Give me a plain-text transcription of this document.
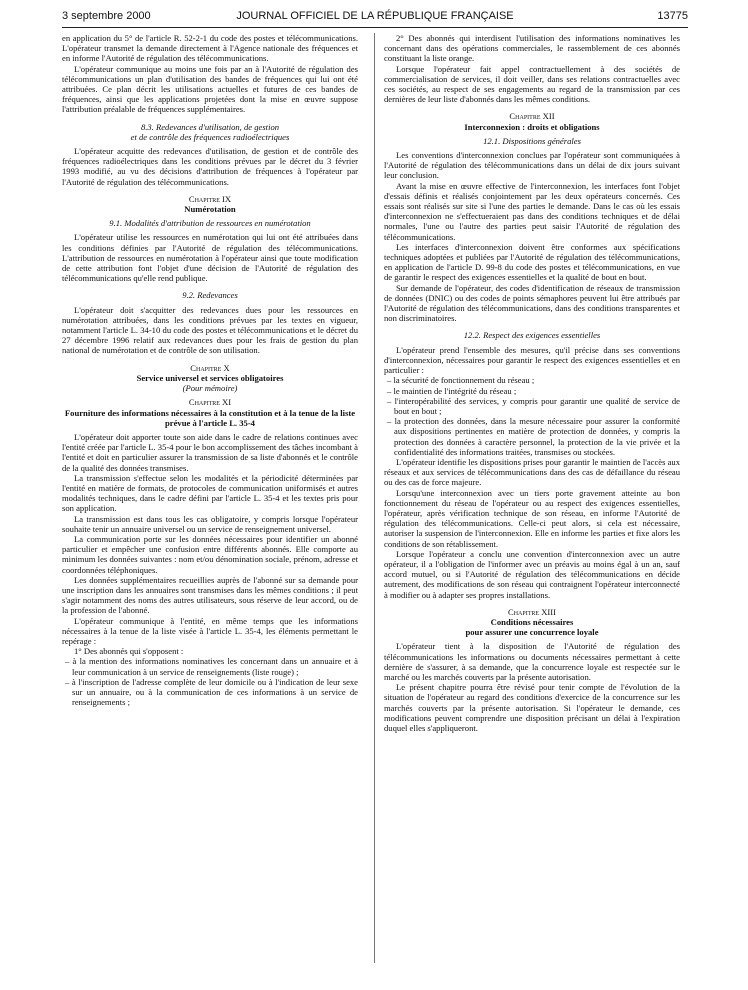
3 septembre 2000	JOURNAL OFFICIEL DE LA RÉPUBLIQUE FRANÇAISE	13775

en application du 5° de l'article R. 52-2-1 du code des postes et télécommunications. L'opérateur transmet la demande directement à l'Agence nationale des fréquences et en informe l'Autorité de régulation des télécommunications.

L'opérateur communique au moins une fois par an à l'Autorité de régulation des télécommunications un plan d'utilisation des bandes de fréquences qui lui ont été attribuées. Ce plan décrit les utilisations actuelles et futures de ces bandes de fréquences, ainsi que les applications projetées dont la mise en œuvre suppose l'attribution préalable de fréquences supplémentaires.

8.3. Redevances d'utilisation, de gestion

et de contrôle des fréquences radioélectriques

L'opérateur acquitte des redevances d'utilisation, de gestion et de contrôle des fréquences radioélectriques dans les conditions prévues par le décret du 3 février 1993 modifié, au vu des décisions d'attribution de fréquences à l'opérateur par l'Autorité de régulation des télécommunications.

Chapitre IX

Numérotation

9.1. Modalités d'attribution de ressources en numérotation

L'opérateur utilise les ressources en numérotation qui lui ont été attribuées dans les conditions définies par l'Autorité de régulation des télécommunications. L'attribution de ressources en numérotation à l'opérateur ainsi que toute modification de cette attribution font l'objet d'une décision de l'Autorité de régulation des télécommunications qu'elle rend publique.

9.2. Redevances

L'opérateur doit s'acquitter des redevances dues pour les ressources en numérotation attribuées, dans les conditions prévues par les textes en vigueur, notamment l'article L. 34-10 du code des postes et télécommunications et le décret du 27 décembre 1996 relatif aux redevances dues pour les frais de gestion du plan national de numérotation et de contrôle de son utilisation.

Chapitre X

Service universel et services obligatoires

(Pour mémoire)

Chapitre XI

Fourniture des informations nécessaires à la constitution et à la tenue de la liste prévue à l'article L. 35-4

L'opérateur doit apporter toute son aide dans le cadre de relations continues avec l'entité créée par l'article L. 35-4 pour le bon accomplissement des tâches incombant à l'entité et doit en particulier assurer la transmission de sa liste d'abonnés et le contrôle de la qualité des données transmises.

La transmission s'effectue selon les modalités et la périodicité déterminées par l'entité en matière de formats, de protocoles de communication uniformisés et autres modalités techniques, dans le cadre défini par l'article L. 35-4 et les textes pris pour son application.

La transmission est dans tous les cas obligatoire, y compris lorsque l'opérateur souhaite tenir un annuaire universel ou un service de renseignement universel.

La communication porte sur les données nécessaires pour identifier un abonné particulier et empêcher une confusion entre différents abonnés. Elle comporte au minimum les données suivantes : nom et/ou dénomination sociale, prénom, adresse et coordonnées téléphoniques.

Les données supplémentaires recueillies auprès de l'abonné sur sa demande pour une inscription dans les annuaires sont transmises dans les mêmes conditions ; il peut s'agir notamment des noms des autres utilisateurs, sous réserve de leur accord, ou de la profession de l'abonné.

L'opérateur communique à l'entité, en même temps que les informations nécessaires à la tenue de la liste visée à l'article L. 35-4, les éléments permettant le repérage :

1° Des abonnés qui s'opposent :

– à la mention des informations nominatives les concernant dans un annuaire et à leur communication à un service de renseignements (liste rouge) ;

– à l'inscription de l'adresse complète de leur domicile ou à l'indication de leur sexe sur un annuaire, ou à la communication de ces informations à un service de renseignements ;

2° Des abonnés qui interdisent l'utilisation des informations nominatives les concernant dans des opérations commerciales, le rassemblement de ces abonnés constituant la liste orange.

Lorsque l'opérateur fait appel contractuellement à des sociétés de commercialisation de services, il doit veiller, dans ses relations contractuelles avec ces sociétés, au respect de ses engagements au regard de la transmission par ces dernières de leur liste d'abonnés dans les mêmes conditions.

Chapitre XII

Interconnexion : droits et obligations

12.1. Dispositions générales

Les conventions d'interconnexion conclues par l'opérateur sont communiquées à l'Autorité de régulation des télécommunications dans un délai de dix jours suivant leur conclusion.

Avant la mise en œuvre effective de l'interconnexion, les interfaces font l'objet d'essais définis et réalisés conjointement par les deux opérateurs concernés. Ces essais sont réalisés sur site si l'une des parties le demande. Dans le cas où les essais d'interconnexion ne s'effectueraient pas dans des conditions techniques et de délai normales, l'une ou l'autre des parties peut saisir l'Autorité de régulation des télécommunications.

Les interfaces d'interconnexion doivent être conformes aux spécifications techniques adoptées et publiées par l'Autorité de régulation des télécommunications, en application de l'article D. 99-8 du code des postes et télécommunications, en vue de garantir le respect des exigences essentielles et la qualité de bout en bout.

Sur demande de l'opérateur, des codes d'identification de réseaux de transmission de données (DNIC) ou des codes de points sémaphores peuvent lui être attribués par l'Autorité de régulation des télécommunications, dans des conditions transparentes et non discriminatoires.

12.2. Respect des exigences essentielles

L'opérateur prend l'ensemble des mesures, qu'il précise dans ses conventions d'interconnexion, nécessaires pour garantir le respect des exigences essentielles et en particulier :

– la sécurité de fonctionnement du réseau ;

– le maintien de l'intégrité du réseau ;

– l'interopérabilité des services, y compris pour garantir une qualité de service de bout en bout ;

– la protection des données, dans la mesure nécessaire pour assurer la conformité aux dispositions pertinentes en matière de protection de données, y compris la protection des données à caractère personnel, la protection de la vie privée et la confidentialité des informations traitées, transmises ou stockées.

L'opérateur identifie les dispositions prises pour garantir le maintien de l'accès aux réseaux et aux services de télécommunications dans des cas de défaillance du réseau ou des cas de force majeure.

Lorsqu'une interconnexion avec un tiers porte gravement atteinte au bon fonctionnement du réseau de l'opérateur ou au respect des exigences essentielles, l'opérateur, après vérification technique de son réseau, en informe l'Autorité de régulation des télécommunications. Celle-ci peut alors, si cela est nécessaire, autoriser la suspension de l'interconnexion. Elle en informe les parties et fixe alors les conditions de son rétablissement.

Lorsque l'opérateur a conclu une convention d'interconnexion avec un autre opérateur, il a l'obligation de l'informer avec un préavis au moins égal à un an, sauf accord mutuel, ou si l'Autorité de régulation des télécommunications en décide autrement, des modifications de son réseau qui contraignent l'opérateur interconnecté à modifier ou à adapter ses propres installations.

Chapitre XIII

Conditions nécessaires

pour assurer une concurrence loyale

L'opérateur tient à la disposition de l'Autorité de régulation des télécommunications les informations ou documents nécessaires permettant à cette dernière de s'assurer, à sa demande, que la concurrence loyale est respectée sur le marché ou les marchés couverts par la présente autorisation.

Le présent chapitre pourra être révisé pour tenir compte de l'évolution de la situation de l'opérateur au regard des conditions d'exercice de la concurrence sur les marchés couverts par la présente autorisation. Si l'opérateur le demande, ces modifications peuvent comprendre une disposition précisant un délai à l'expiration duquel elles s'appliqueront.
